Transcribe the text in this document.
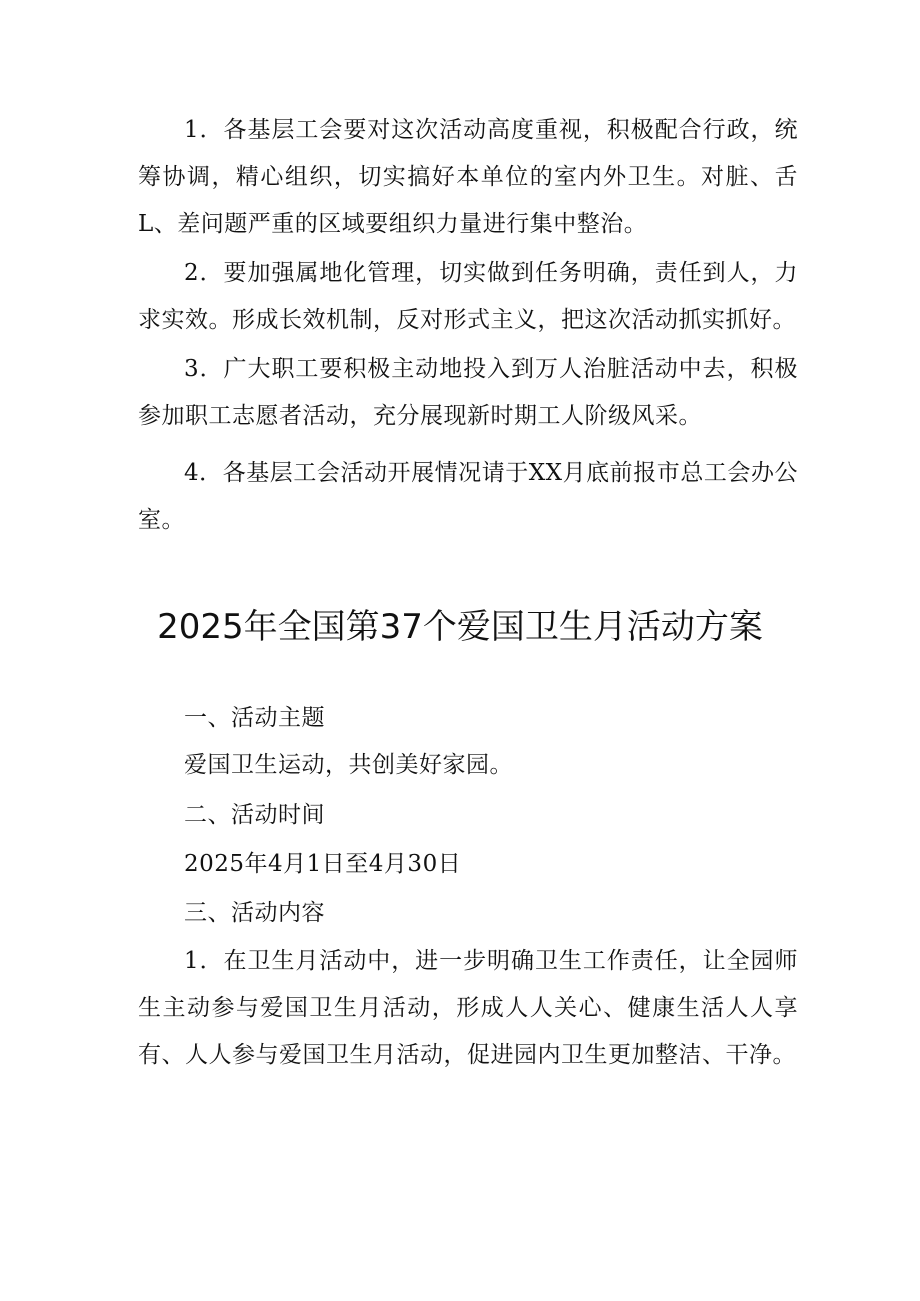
1．各基层工会要对这次活动高度重视，积极配合行政，统筹协调，精心组织，切实搞好本单位的室内外卫生。对脏、舌L、差问题严重的区域要组织力量进行集中整治。

2．要加强属地化管理，切实做到任务明确，责任到人，力求实效。形成长效机制，反对形式主义，把这次活动抓实抓好。

3．广大职工要积极主动地投入到万人治脏活动中去，积极参加职工志愿者活动，充分展现新时期工人阶级风采。

4．各基层工会活动开展情况请于XX月底前报市总工会办公室。

2025年全国第37个爱国卫生月活动方案

一、活动主题

爱国卫生运动，共创美好家园。

二、活动时间

2025年4月1日至4月30日

三、活动内容

1．在卫生月活动中，进一步明确卫生工作责任，让全园师生主动参与爱国卫生月活动，形成人人关心、健康生活人人享有、人人参与爱国卫生月活动，促进园内卫生更加整洁、干净。
